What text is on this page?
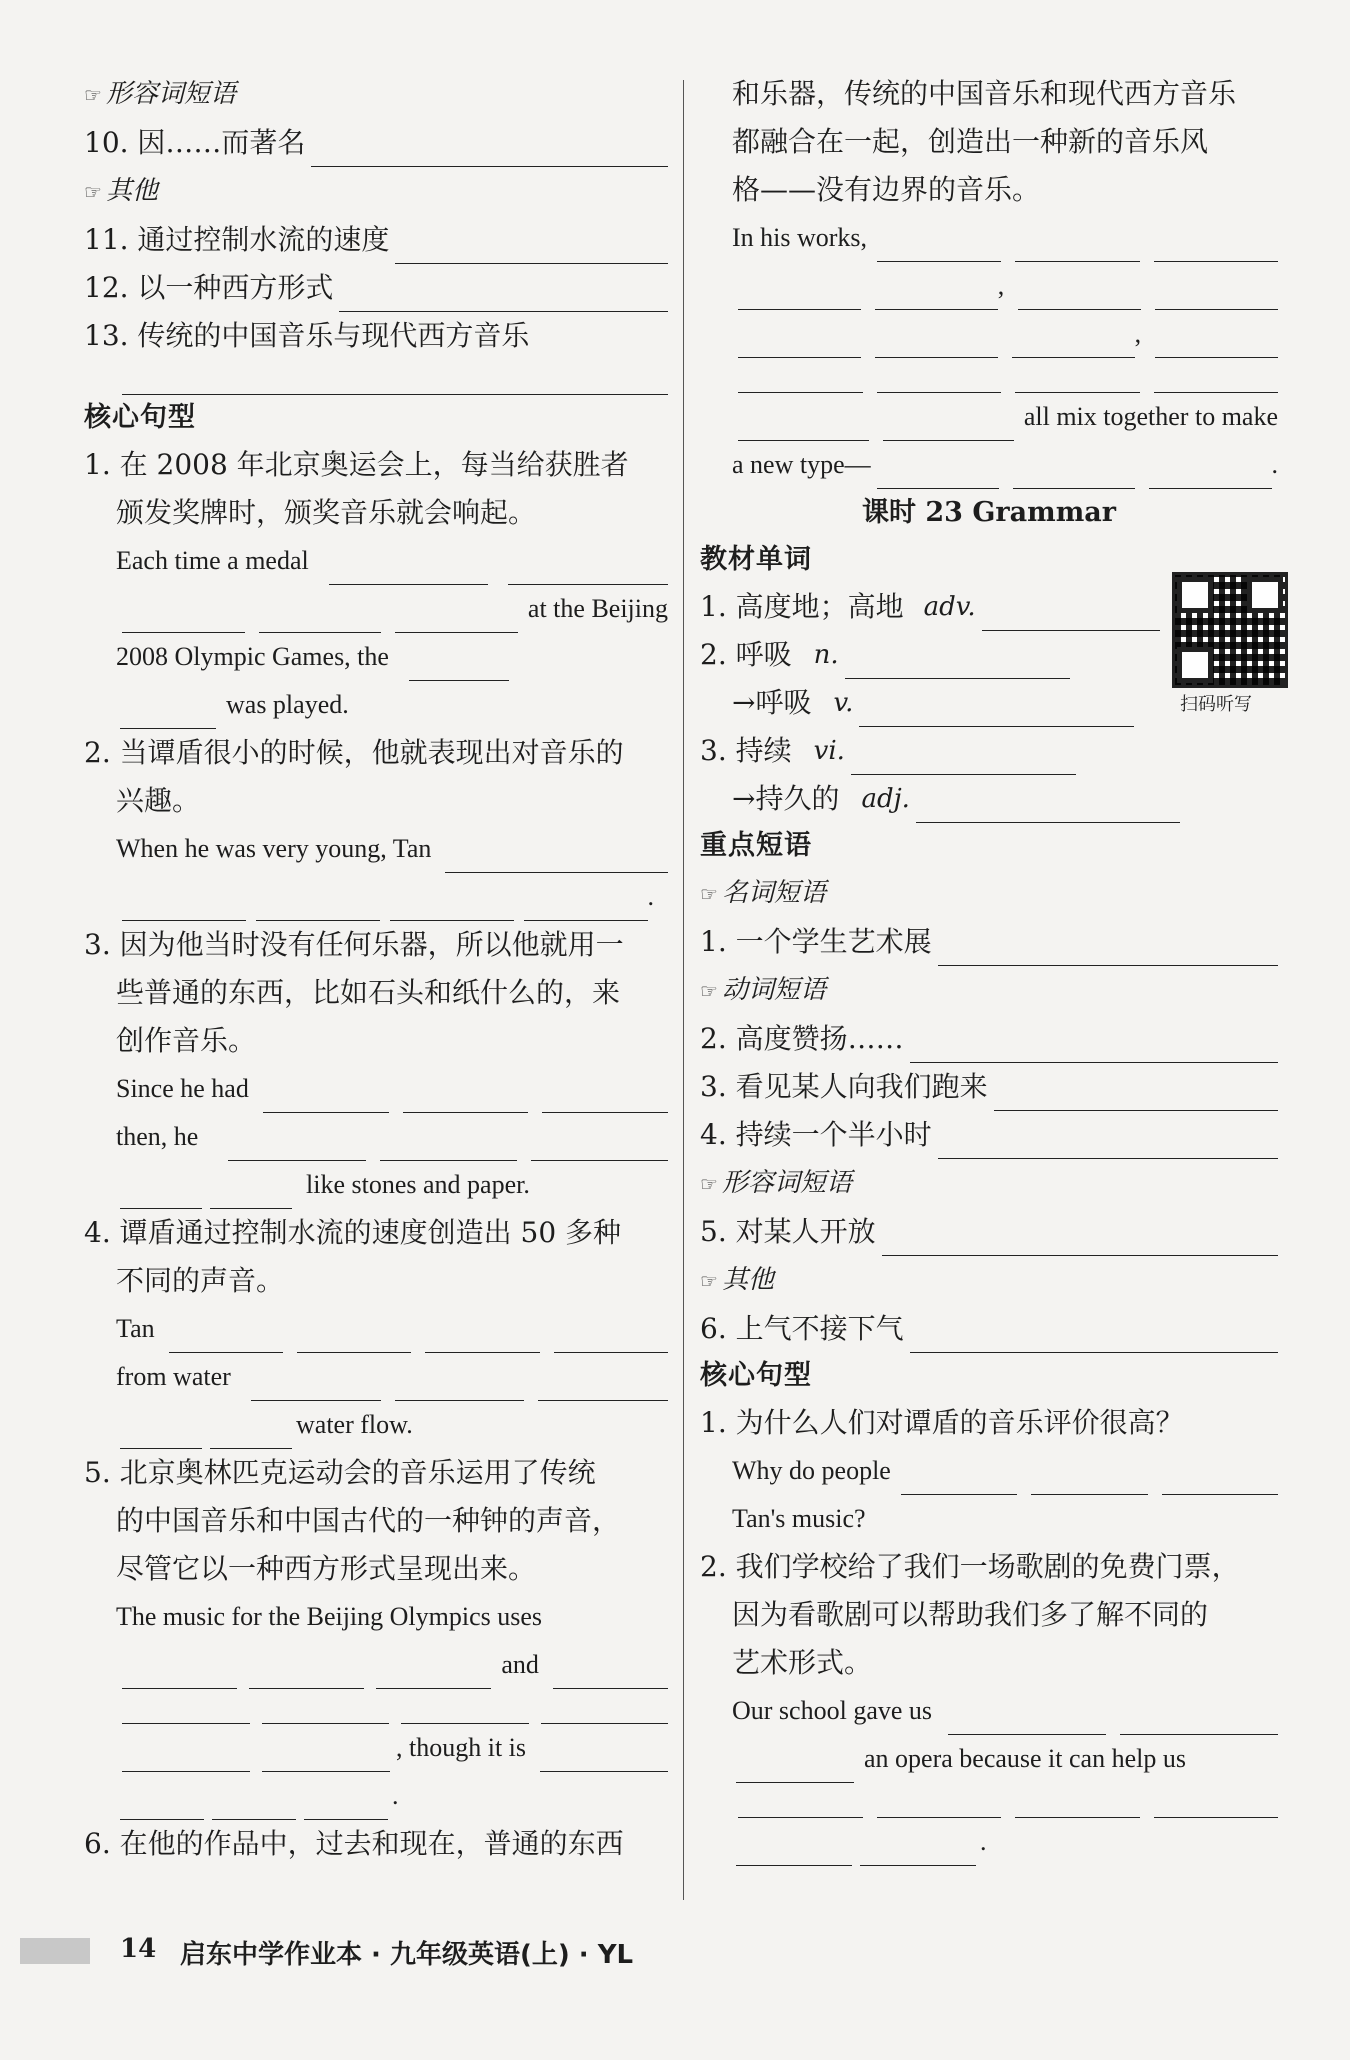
☞ 形容词短语
10. 因……而著名
☞ 其他
11. 通过控制水流的速度
12. 以一种西方形式
13. 传统的中国音乐与现代西方音乐
核心句型
1. 在 2008 年北京奥运会上，每当给获胜者
颁发奖牌时，颁奖音乐就会响起。
Each time a medal
at the Beijing
2008 Olympic Games, the
was played.
2. 当谭盾很小的时候，他就表现出对音乐的
兴趣。
When he was very young, Tan
.
3. 因为他当时没有任何乐器，所以他就用一
些普通的东西，比如石头和纸什么的，来
创作音乐。
Since he had
then, he
like stones and paper.
4. 谭盾通过控制水流的速度创造出 50 多种
不同的声音。
Tan
from water
water flow.
5. 北京奥林匹克运动会的音乐运用了传统
的中国音乐和中国古代的一种钟的声音，
尽管它以一种西方形式呈现出来。
The music for the Beijing Olympics uses
and
, though it is
.
6. 在他的作品中，过去和现在，普通的东西
和乐器，传统的中国音乐和现代西方音乐
都融合在一起，创造出一种新的音乐风
格——没有边界的音乐。
In his works,
,
,
all mix together to make
a new type—	.
课时 23 Grammar
教材单词
1. 高度地；高地 adv.
2. 呼吸 n.
→呼吸 v.
3. 持续 vi.
→持久的 adj.
重点短语
☞ 名词短语
1. 一个学生艺术展
☞ 动词短语
2. 高度赞扬……
3. 看见某人向我们跑来
4. 持续一个半小时
☞ 形容词短语
5. 对某人开放
☞ 其他
6. 上气不接下气
核心句型
1. 为什么人们对谭盾的音乐评价很高？
Why do people
Tan's music?
2. 我们学校给了我们一场歌剧的免费门票，
因为看歌剧可以帮助我们多了解不同的
艺术形式。
Our school gave us
an opera because it can help us
.
扫码听写
14 启东中学作业本 · 九年级英语(上) · YL
